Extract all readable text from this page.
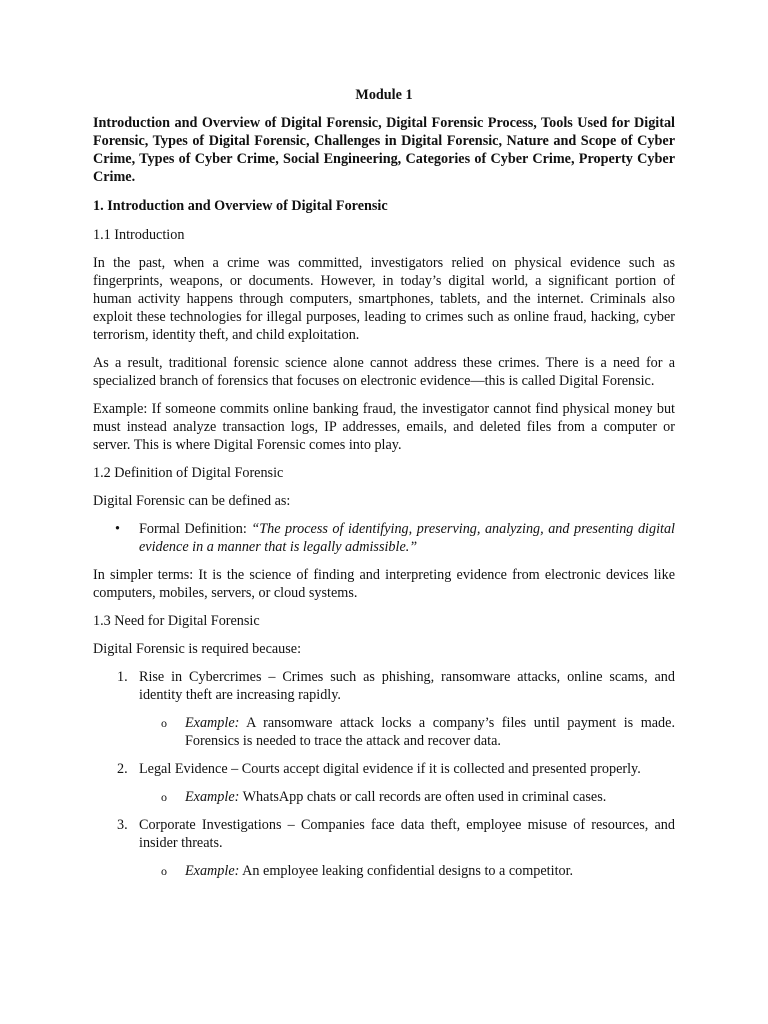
Module 1

Introduction and Overview of Digital Forensic, Digital Forensic Process, Tools Used for Digital Forensic, Types of Digital Forensic, Challenges in Digital Forensic, Nature and Scope of Cyber Crime, Types of Cyber Crime, Social Engineering, Categories of Cyber Crime, Property Cyber Crime.

1. Introduction and Overview of Digital Forensic

1.1 Introduction

In the past, when a crime was committed, investigators relied on physical evidence such as fingerprints, weapons, or documents. However, in today’s digital world, a significant portion of human activity happens through computers, smartphones, tablets, and the internet. Criminals also exploit these technologies for illegal purposes, leading to crimes such as online fraud, hacking, cyber terrorism, identity theft, and child exploitation.

As a result, traditional forensic science alone cannot address these crimes. There is a need for a specialized branch of forensics that focuses on electronic evidence—this is called Digital Forensic.

Example: If someone commits online banking fraud, the investigator cannot find physical money but must instead analyze transaction logs, IP addresses, emails, and deleted files from a computer or server. This is where Digital Forensic comes into play.

1.2 Definition of Digital Forensic

Digital Forensic can be defined as:

•	Formal Definition: “The process of identifying, preserving, analyzing, and presenting digital evidence in a manner that is legally admissible.”

In simpler terms: It is the science of finding and interpreting evidence from electronic devices like computers, mobiles, servers, or cloud systems.

1.3 Need for Digital Forensic

Digital Forensic is required because:

1. Rise in Cybercrimes – Crimes such as phishing, ransomware attacks, online scams, and identity theft are increasing rapidly.
o	Example: A ransomware attack locks a company’s files until payment is made. Forensics is needed to trace the attack and recover data.
2. Legal Evidence – Courts accept digital evidence if it is collected and presented properly.
o	Example: WhatsApp chats or call records are often used in criminal cases.
3. Corporate Investigations – Companies face data theft, employee misuse of resources, and insider threats.
o	Example: An employee leaking confidential designs to a competitor.
